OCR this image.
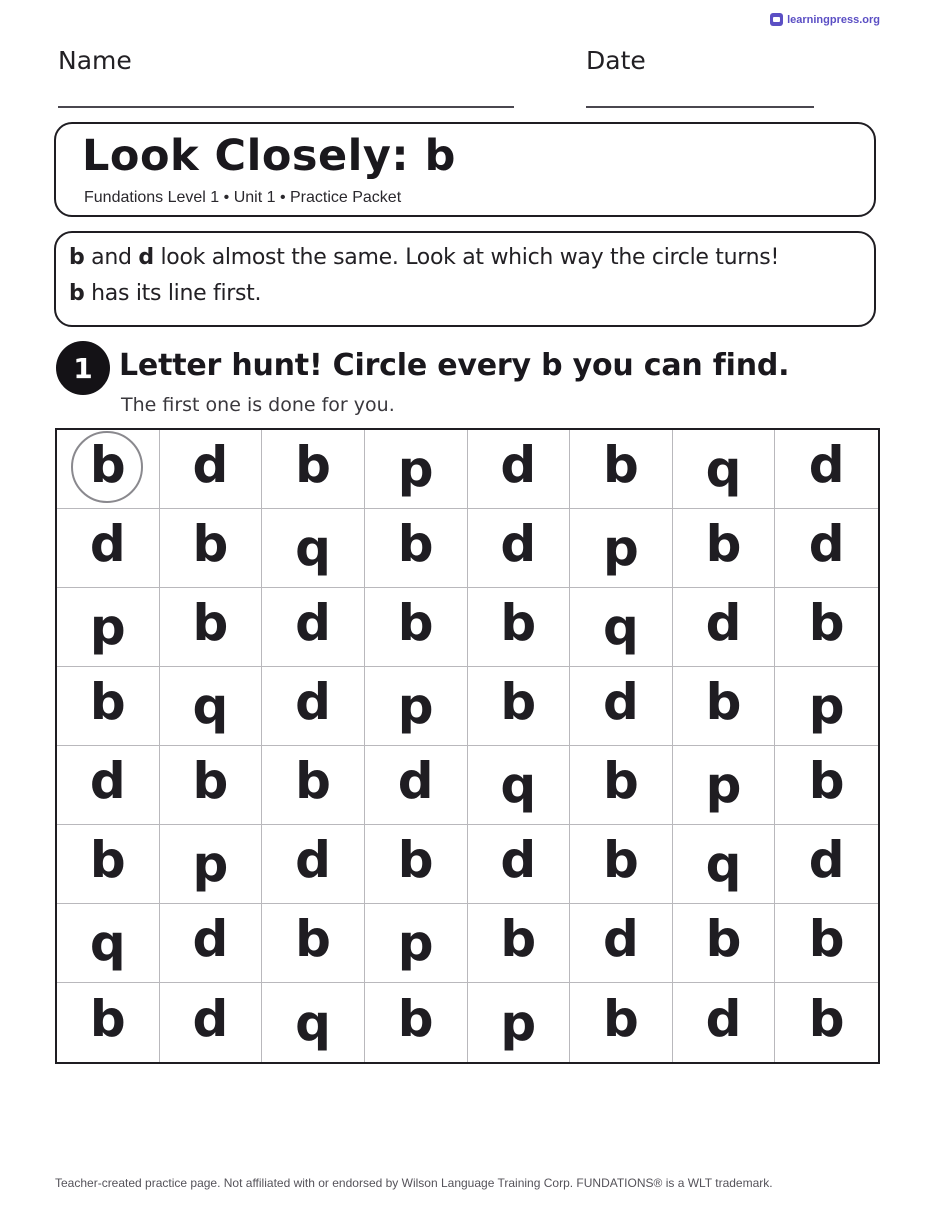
learningpress.org
Name	Date
Look Closely: b
Fundations Level 1 • Unit 1 • Practice Packet
b and d look almost the same. Look at which way the circle turns!
b has its line first.
1 Letter hunt! Circle every b you can find.
The first one is done for you.
b d b p d b q d
d b q b d p b d
p b d b b q d b
b q d p b d b p
d b b d q b p b
b p d b d b q d
q d b p b d b b
b d q b p b d b
Teacher-created practice page. Not affiliated with or endorsed by Wilson Language Training Corp. FUNDATIONS® is a WLT trademark.
